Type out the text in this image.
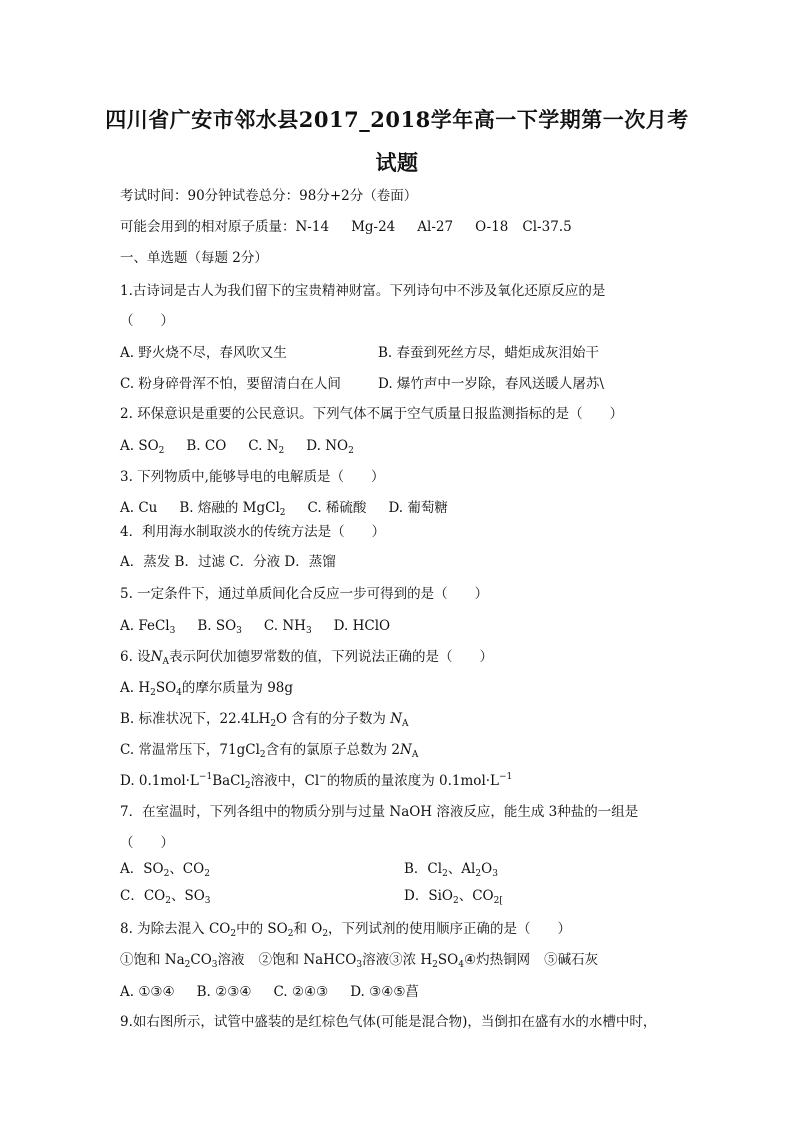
四川省广安市邻水县2017_2018学年高一下学期第一次月考
试题
考试时间：90分钟试卷总分：98分+2分（卷面）
可能会用到的相对原子质量：N-14 Mg-24 Al-27 O-18 Cl-37.5
一、单选题（每题 2分）
1.古诗词是古人为我们留下的宝贵精神财富。下列诗句中不涉及氧化还原反应的是
（　　）
A. 野火烧不尽，春风吹又生	B. 春蚕到死丝方尽，蜡炬成灰泪始干
C. 粉身碎骨浑不怕，要留清白在人间	D. 爆竹声中一岁除，春风送暖人屠苏\
2. 环保意识是重要的公民意识。下列气体不属于空气质量日报监测指标的是（　　）
A. $SO_2$ B. CO C. $N_2$ D. $NO_2$
3. 下列物质中,能够导电的电解质是（　　）
A. Cu B. 熔融的 MgCl$_2$ C. 稀硫酸 D. 葡萄糖
4．利用海水制取淡水的传统方法是（　　）
A．蒸发 B．过滤 C．分液 D．蒸馏
5. 一定条件下，通过单质间化合反应一步可得到的是（　　）
A. FeCl$_3$ B. $SO_3$ C. $NH_3$ D. HClO
6. 设$N_A$表示阿伏加德罗常数的值，下列说法正确的是（　　）
A. $H_2SO_4$的摩尔质量为 98g
B. 标准状况下，$22.4LH_2O$ 含有的分子数为 $N_A$
C. 常温常压下，71gCl$_2$含有的氯原子总数为 $2N_A$
D. $0.1mol\cdot L^{-1}BaCl_2$溶液中，Cl−的物质的量浓度为 $0.1mol\cdot L^{-1}$
7．在室温时，下列各组中的物质分别与过量 NaOH 溶液反应，能生成 3种盐的一组是
（　　）
A．$SO_2$、$CO_2$	B．$Cl_2$、$Al_2O_3$
C．$CO_2$、$SO_3$	D．SiO$_2$、$CO_{2[}$
8. 为除去混入 $CO_2$中的 $SO_2$和 $O_2$，下列试剂的使用顺序正确的是（　　）
①饱和 $Na_2CO_3$溶液 ②饱和 NaHCO$_3$溶液③浓 $H_2SO_4④$灼热铜网 ⑤碱石灰
A. ①③④ B. ②③④ C. ②④③ D. ③④⑤菖
9.如右图所示，试管中盛装的是红棕色气体(可能是混合物)，当倒扣在盛有水的水槽中时，
